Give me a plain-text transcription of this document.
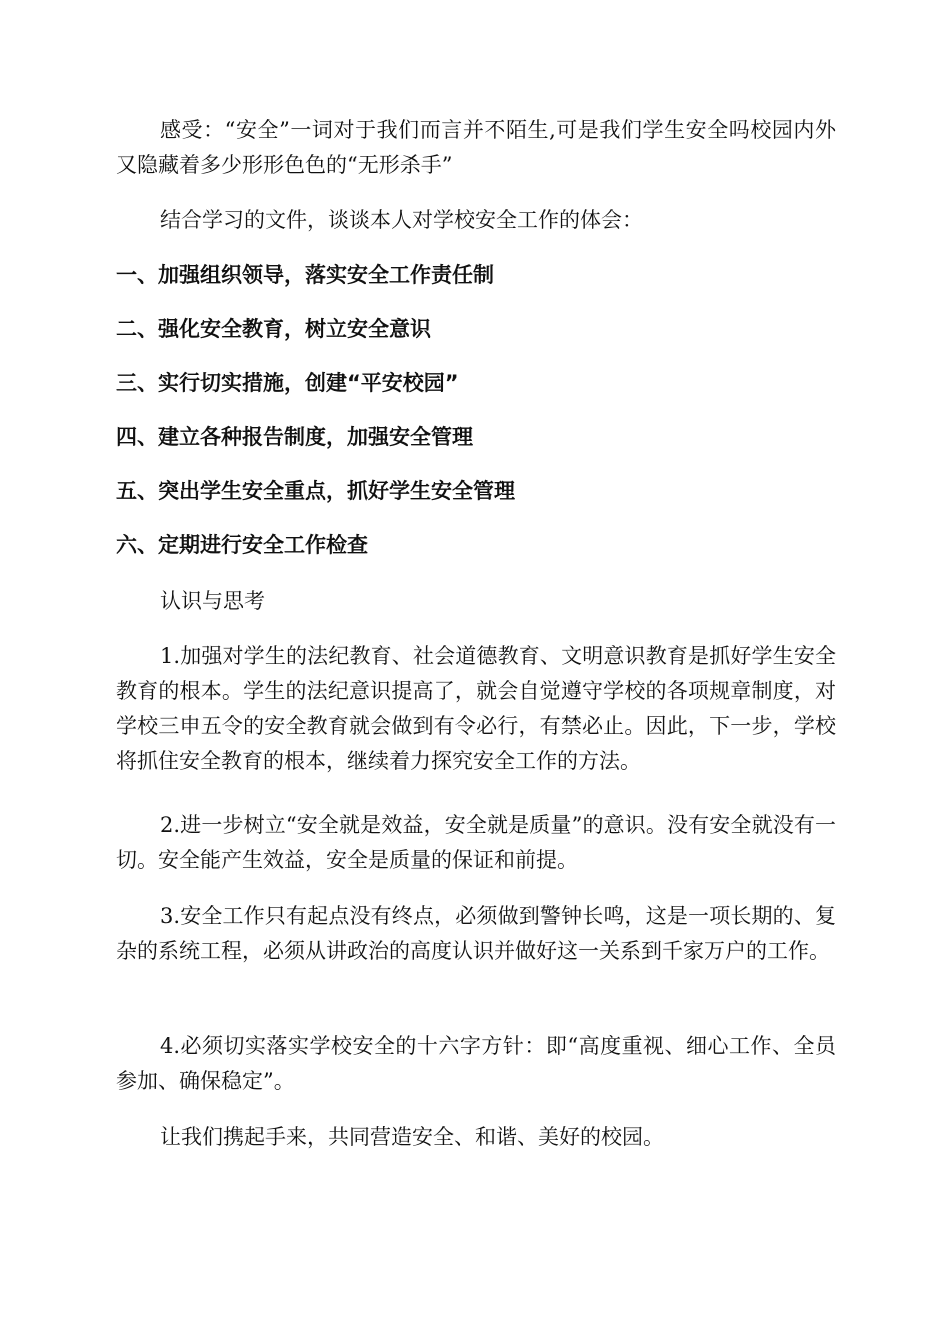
感受：“安全”一词对于我们而言并不陌生,可是我们学生安全吗校园内外又隐藏着多少形形色色的“无形杀手”

结合学习的文件，谈谈本人对学校安全工作的体会：

一、加强组织领导，落实安全工作责任制

二、强化安全教育，树立安全意识

三、实行切实措施，创建“平安校园”

四、建立各种报告制度，加强安全管理

五、突出学生安全重点，抓好学生安全管理

六、定期进行安全工作检查

认识与思考

1.加强对学生的法纪教育、社会道德教育、文明意识教育是抓好学生安全教育的根本。学生的法纪意识提高了，就会自觉遵守学校的各项规章制度，对学校三申五令的安全教育就会做到有令必行，有禁必止。因此，下一步，学校将抓住安全教育的根本，继续着力探究安全工作的方法。

2.进一步树立“安全就是效益，安全就是质量”的意识。没有安全就没有一切。安全能产生效益，安全是质量的保证和前提。

3.安全工作只有起点没有终点，必须做到警钟长鸣，这是一项长期的、复杂的系统工程，必须从讲政治的高度认识并做好这一关系到千家万户的工作。

4.必须切实落实学校安全的十六字方针：即“高度重视、细心工作、全员参加、确保稳定”。

让我们携起手来，共同营造安全、和谐、美好的校园。
